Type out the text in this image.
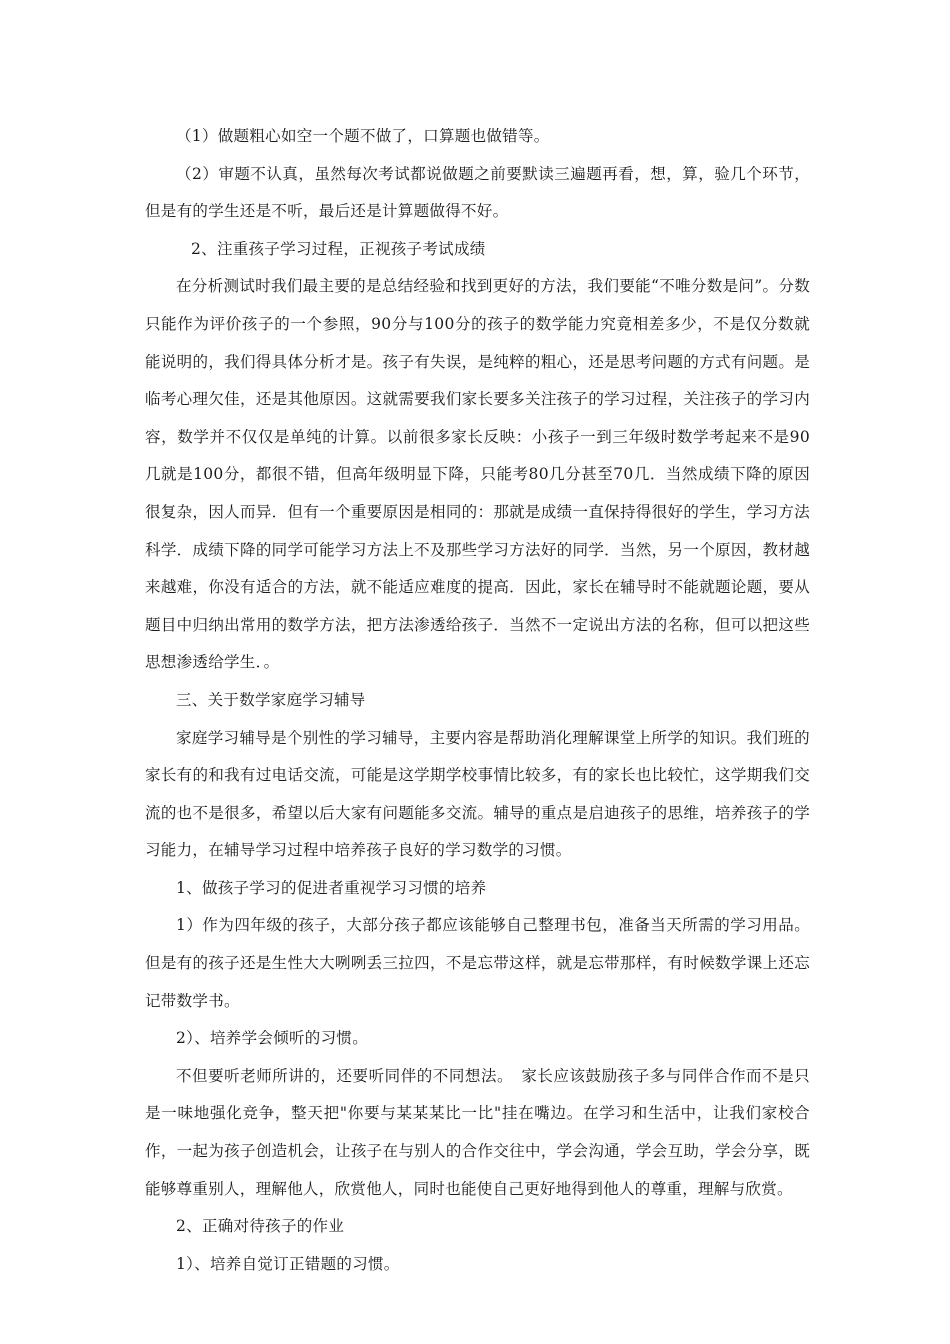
（1）做题粗心如空一个题不做了，口算题也做错等。

（2）审题不认真，虽然每次考试都说做题之前要默读三遍题再看，想，算，验几个环节，但是有的学生还是不听，最后还是计算题做得不好。

2、注重孩子学习过程，正视孩子考试成绩

在分析测试时我们最主要的是总结经验和找到更好的方法，我们要能“不唯分数是问”。分数只能作为评价孩子的一个参照，90分与100分的孩子的数学能力究竟相差多少，不是仅分数就能说明的，我们得具体分析才是。孩子有失误，是纯粹的粗心，还是思考问题的方式有问题。是临考心理欠佳，还是其他原因。这就需要我们家长要多关注孩子的学习过程，关注孩子的学习内容，数学并不仅仅是单纯的计算。以前很多家长反映：小孩子一到三年级时数学考起来不是90几就是100分，都很不错，但高年级明显下降，只能考80几分甚至70几．当然成绩下降的原因很复杂，因人而异．但有一个重要原因是相同的：那就是成绩一直保持得很好的学生，学习方法科学．成绩下降的同学可能学习方法上不及那些学习方法好的同学．当然，另一个原因，教材越来越难，你没有适合的方法，就不能适应难度的提高．因此，家长在辅导时不能就题论题，要从题目中归纳出常用的数学方法，把方法渗透给孩子．当然不一定说出方法的名称，但可以把这些思想渗透给学生．。

三、关于数学家庭学习辅导

家庭学习辅导是个别性的学习辅导，主要内容是帮助消化理解课堂上所学的知识。我们班的家长有的和我有过电话交流，可能是这学期学校事情比较多，有的家长也比较忙，这学期我们交流的也不是很多，希望以后大家有问题能多交流。辅导的重点是启迪孩子的思维，培养孩子的学习能力，在辅导学习过程中培养孩子良好的学习数学的习惯。

1、做孩子学习的促进者重视学习习惯的培养

1）作为四年级的孩子，大部分孩子都应该能够自己整理书包，准备当天所需的学习用品。但是有的孩子还是生性大大咧咧丢三拉四，不是忘带这样，就是忘带那样，有时候数学课上还忘记带数学书。

2）、培养学会倾听的习惯。

不但要听老师所讲的，还要听同伴的不同想法。　家长应该鼓励孩子多与同伴合作而不是只是一味地强化竞争，整天把"你要与某某某比一比"挂在嘴边。在学习和生活中，让我们家校合作，一起为孩子创造机会，让孩子在与别人的合作交往中，学会沟通，学会互助，学会分享，既能够尊重别人，理解他人，欣赏他人，同时也能使自己更好地得到他人的尊重，理解与欣赏。

2、正确对待孩子的作业

1）、培养自觉订正错题的习惯。
